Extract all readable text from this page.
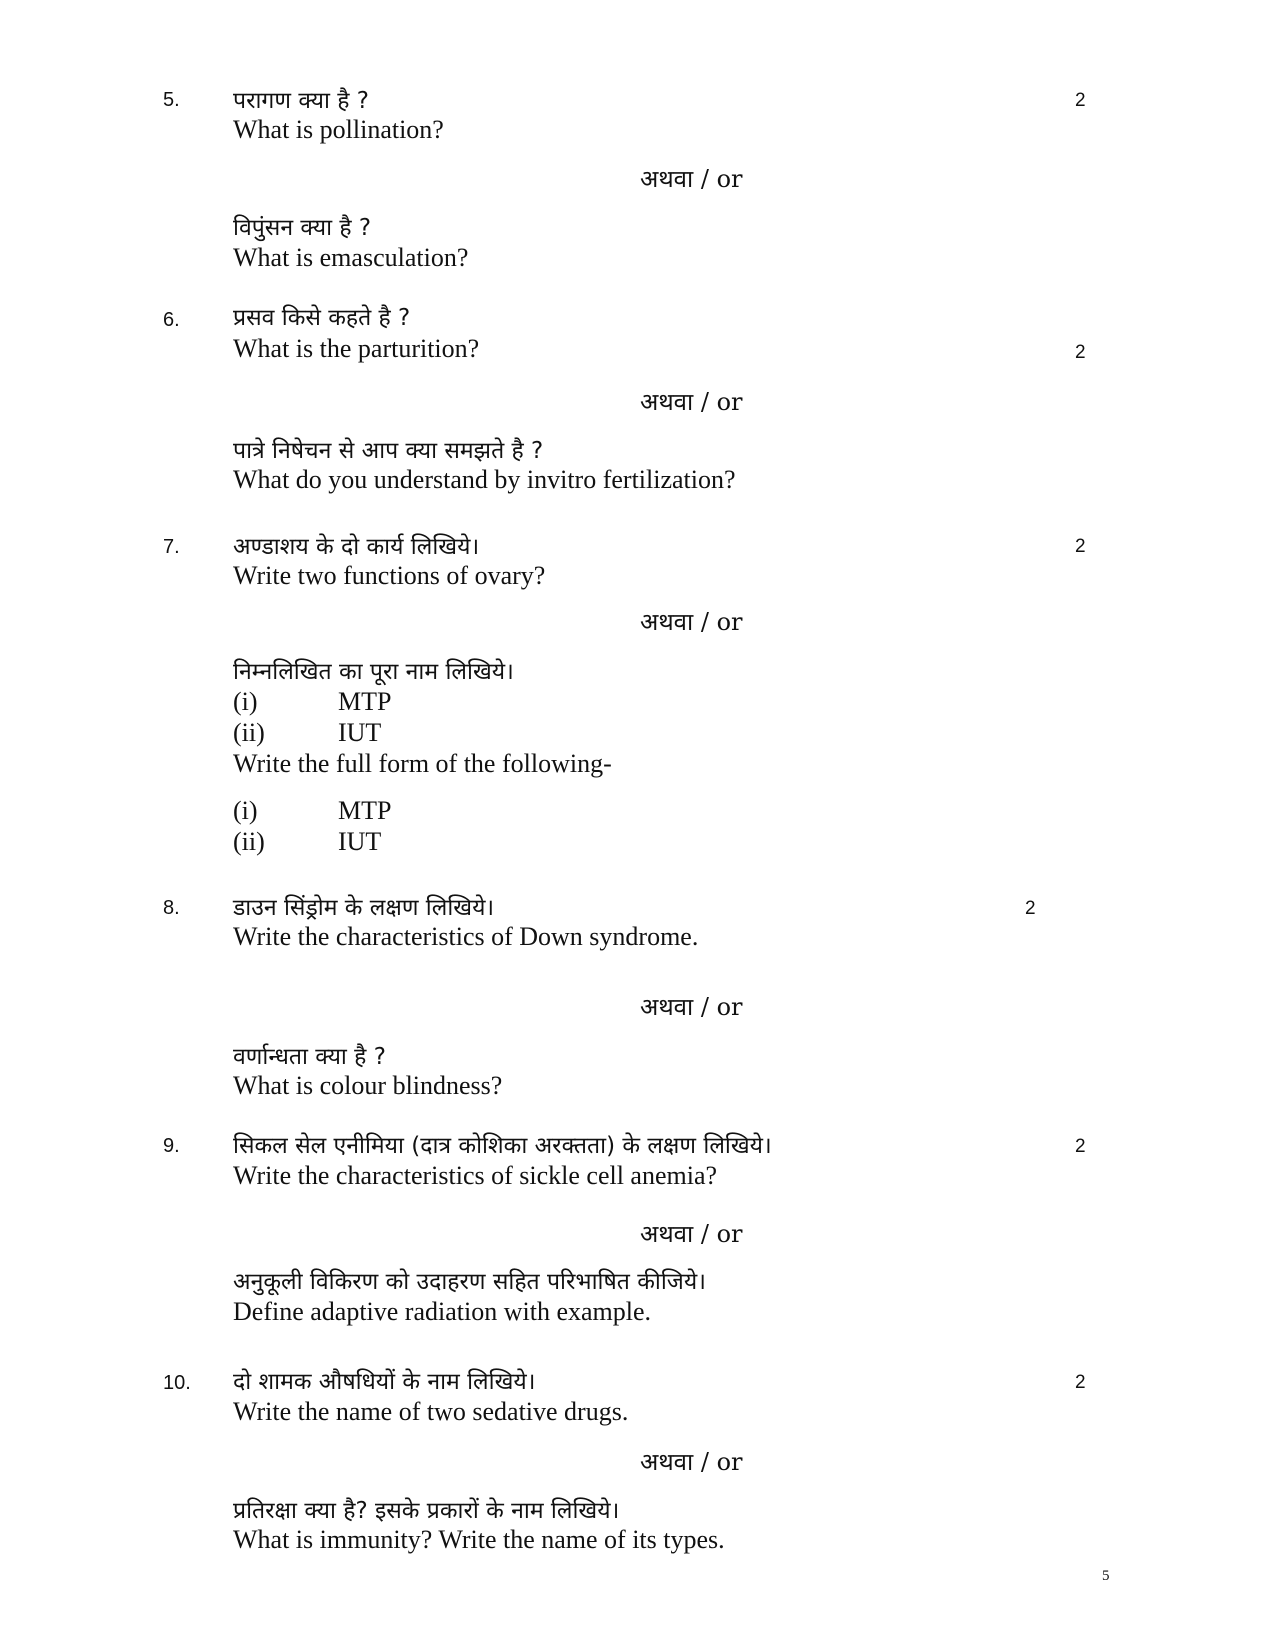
5. परागण क्या है ?	2
What is pollination?
अथवा / or
विपुंसन क्या है ?
What is emasculation?
6. प्रसव किसे कहते है ?
What is the parturition?	2
अथवा / or
पात्रे निषेचन से आप क्या समझते है ?
What do you understand by invitro fertilization?
7. अण्डाशय के दो कार्य लिखिये।	2
Write two functions of ovary?
अथवा / or
निम्नलिखित का पूरा नाम लिखिये।
(i)	MTP
(ii)	IUT
Write the full form of the following-
(i)	MTP
(ii)	IUT
8. डाउन सिंड्रोम के लक्षण लिखिये।	2
Write the characteristics of Down syndrome.
अथवा / or
वर्णान्धता क्या है ?
What is colour blindness?
9. सिकल सेल एनीमिया (दात्र कोशिका अरक्तता) के लक्षण लिखिये।	2
Write the characteristics of sickle cell anemia?
अथवा / or
अनुकूली विकिरण को उदाहरण सहित परिभाषित कीजिये।
Define adaptive radiation with example.
10. दो शामक औषधियों के नाम लिखिये।	2
Write the name of two sedative drugs.
अथवा / or
प्रतिरक्षा क्या है? इसके प्रकारों के नाम लिखिये।
What is immunity? Write the name of its types.
5
